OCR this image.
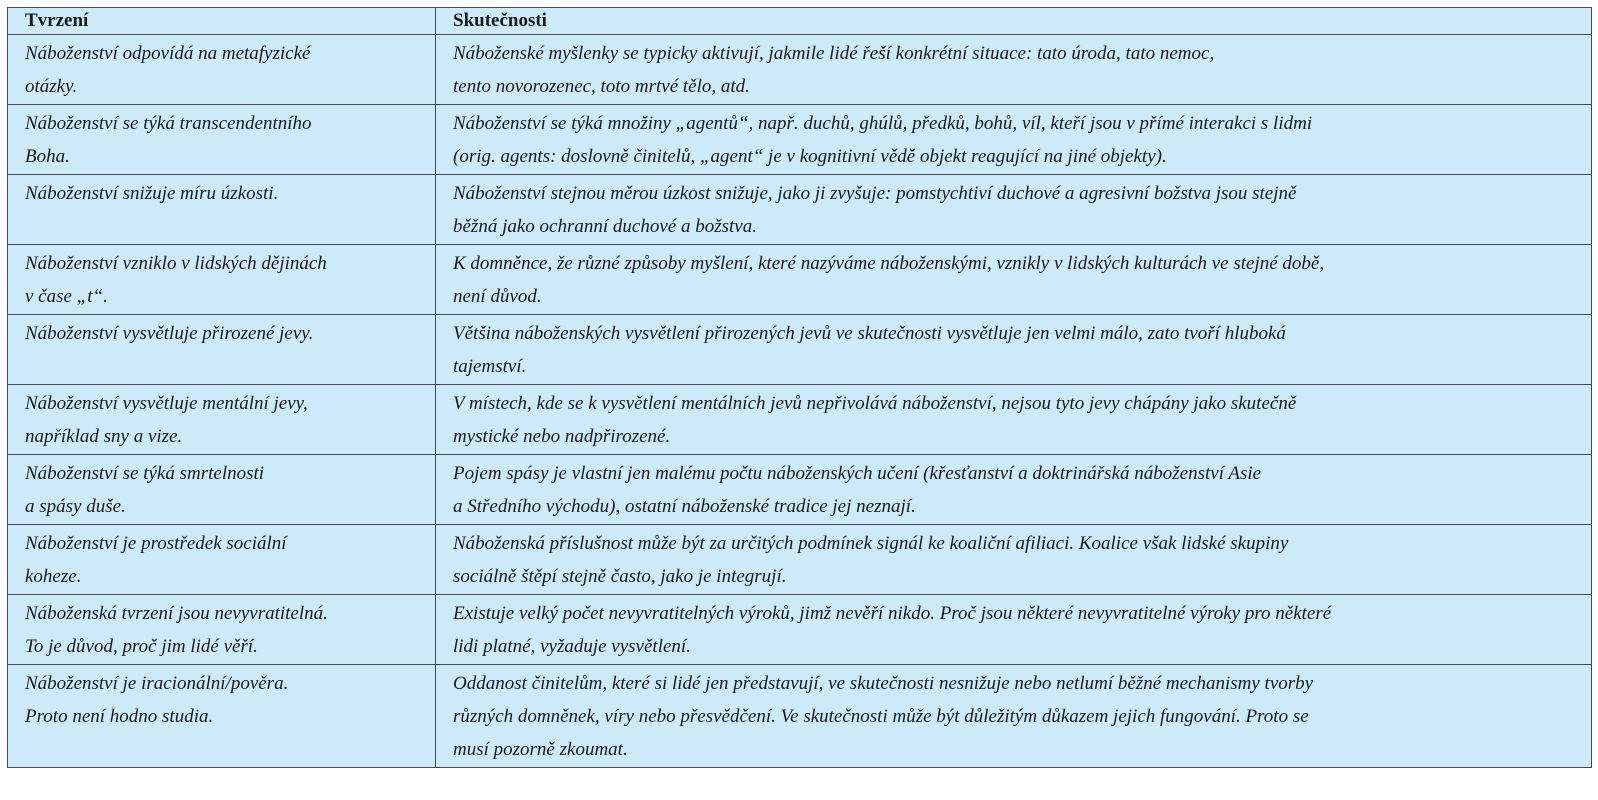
Tvrzení	Skutečnosti

Náboženství odpovídá na metafyzické
otázky.	Náboženské myšlenky se typicky aktivují, jakmile lidé řeší konkrétní situace: tato úroda, tato nemoc,
tento novorozenec, toto mrtvé tělo, atd.

Náboženství se týká transcendentního
Boha.	Náboženství se týká množiny „agentů“, např. duchů, ghúlů, předků, bohů, víl, kteří jsou v přímé interakci s lidmi
(orig. agents: doslovně činitelů, „agent“ je v kognitivní vědě objekt reagující na jiné objekty).

Náboženství snižuje míru úzkosti.	Náboženství stejnou měrou úzkost snižuje, jako ji zvyšuje: pomstychtiví duchové a agresivní božstva jsou stejně
běžná jako ochranní duchové a božstva.

Náboženství vzniklo v lidských dějinách
v čase „t“.	K domněnce, že různé způsoby myšlení, které nazýváme náboženskými, vznikly v lidských kulturách ve stejné době,
není důvod.

Náboženství vysvětluje přirozené jevy.	Většina náboženských vysvětlení přirozených jevů ve skutečnosti vysvětluje jen velmi málo, zato tvoří hluboká
tajemství.

Náboženství vysvětluje mentální jevy,
například sny a vize.	V místech, kde se k vysvětlení mentálních jevů nepřivolává náboženství, nejsou tyto jevy chápány jako skutečně
mystické nebo nadpřirozené.

Náboženství se týká smrtelnosti
a spásy duše.	Pojem spásy je vlastní jen malému počtu náboženských učení (křesťanství a doktrinářská náboženství Asie
a Středního východu), ostatní náboženské tradice jej neznají.

Náboženství je prostředek sociální
koheze.	Náboženská příslušnost může být za určitých podmínek signál ke koaliční afiliaci. Koalice však lidské skupiny
sociálně štěpí stejně často, jako je integrují.

Náboženská tvrzení jsou nevyvratitelná.
To je důvod, proč jim lidé věří.	Existuje velký počet nevyvratitelných výroků, jimž nevěří nikdo. Proč jsou některé nevyvratitelné výroky pro některé
lidi platné, vyžaduje vysvětlení.

Náboženství je iracionální/pověra.
Proto není hodno studia.	Oddanost činitelům, které si lidé jen představují, ve skutečnosti nesnižuje nebo netlumí běžné mechanismy tvorby
různých domněnek, víry nebo přesvědčení. Ve skutečnosti může být důležitým důkazem jejich fungování. Proto se
musí pozorně zkoumat.
